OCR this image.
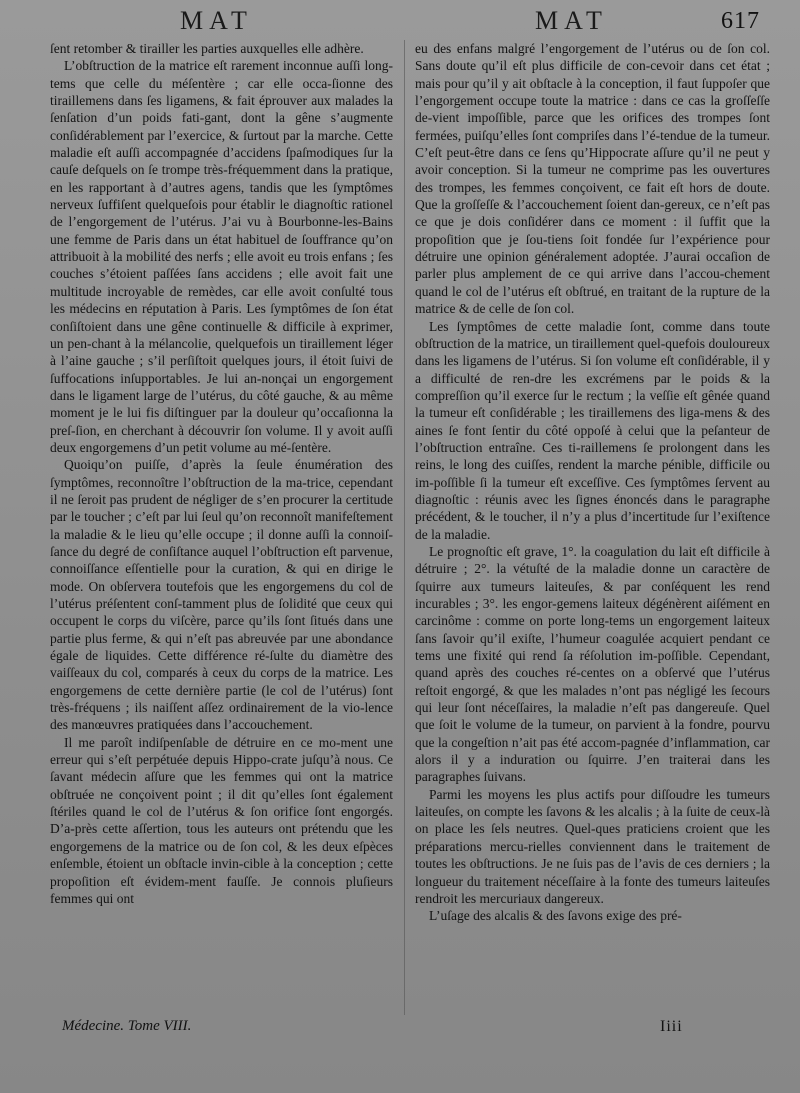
MAT	MAT	617

ſent retomber & tirailler les parties auxquelles elle adhère.

L’obſtruction de la matrice eſt rarement inconnue auſſi long-tems que celle du méſentère ; car elle occa-ſionne des tiraillemens dans ſes ligamens, & fait éprouver aux malades la ſenſation d’un poids fati-gant, dont la gêne s’augmente conſidérablement par l’exercice, & ſurtout par la marche. Cette maladie eſt auſſi accompagnée d’accidens ſpaſmodiques ſur la cauſe deſquels on ſe trompe très-fréquemment dans la pratique, en les rapportant à d’autres agens, tandis que les ſymptômes nerveux ſuffiſent quelqueſois pour établir le diagnoſtic rationel de l’engorgement de l’utérus. J’ai vu à Bourbonne-les-Bains une femme de Paris dans un état habituel de ſouffrance qu’on attribuoit à la mobilité des nerfs ; elle avoit eu trois enfans ; ſes couches s’étoient paſſées ſans accidens ; elle avoit fait une multitude incroyable de remèdes, car elle avoit conſulté tous les médecins en réputation à Paris. Les ſymptômes de ſon état conſiſtoient dans une gêne continuelle & difficile à exprimer, un pen-chant à la mélancolie, quelquefois un tiraillement léger à l’aine gauche ; s’il perſiſtoit quelques jours, il étoit ſuivi de ſuffocations inſupportables. Je lui an-nonçai un engorgement dans le ligament large de l’utérus, du côté gauche, & au même moment je le lui fis diſtinguer par la douleur qu’occaſionna la preſ-ſion, en cherchant à découvrir ſon volume. Il y avoit auſſi deux engorgemens d’un petit volume au mé-ſentère.

Quoiqu’on puiſſe, d’après la ſeule énumération des ſymptômes, reconnoître l’obſtruction de la ma-trice, cependant il ne ſeroit pas prudent de négliger de s’en procurer la certitude par le toucher ; c’eſt par lui ſeul qu’on reconnoît manifeſtement la maladie & le lieu qu’elle occupe ; il donne auſſi la connoiſ-ſance du degré de conſiſtance auquel l’obſtruction eſt parvenue, connoiſſance eſſentielle pour la curation, & qui en dirige le mode. On obſervera toutefois que les engorgemens du col de l’utérus préſentent conſ-tamment plus de ſolidité que ceux qui occupent le corps du viſcère, parce qu’ils ſont ſitués dans une partie plus ferme, & qui n’eſt pas abreuvée par une abondance égale de liquides. Cette différence ré-ſulte du diamètre des vaiſſeaux du col, comparés à ceux du corps de la matrice. Les engorgemens de cette dernière partie (le col de l’utérus) ſont très-fréquens ; ils naiſſent aſſez ordinairement de la vio-lence des manœuvres pratiquées dans l’accouchement.

Il me paroît indiſpenſable de détruire en ce mo-ment une erreur qui s’eſt perpétuée depuis Hippo-crate juſqu’à nous. Ce ſavant médecin aſſure que les femmes qui ont la matrice obſtruée ne conçoivent point ; il dit qu’elles ſont également ſtériles quand le col de l’utérus & ſon orifice ſont engorgés. D’a-près cette aſſertion, tous les auteurs ont prétendu que les engorgemens de la matrice ou de ſon col, & les deux eſpèces enſemble, étoient un obſtacle invin-cible à la conception ; cette propoſition eſt évidem-ment fauſſe. Je connois pluſieurs femmes qui ont

eu des enfans malgré l’engorgement de l’utérus ou de ſon col. Sans doute qu’il eſt plus difficile de con-cevoir dans cet état ; mais pour qu’il y ait obſtacle à la conception, il faut ſuppoſer que l’engorgement occupe toute la matrice : dans ce cas la groſſeſſe de-vient impoſſible, parce que les orifices des trompes ſont fermées, puiſqu’elles ſont compriſes dans l’é-tendue de la tumeur. C’eſt peut-être dans ce ſens qu’Hippocrate aſſure qu’il ne peut y avoir conception. Si la tumeur ne comprime pas les ouvertures des trompes, les femmes conçoivent, ce fait eſt hors de doute. Que la groſſeſſe & l’accouchement ſoient dan-gereux, ce n’eſt pas ce que je dois conſidérer dans ce moment : il ſuffit que la propoſition que je ſou-tiens ſoit fondée ſur l’expérience pour détruire une opinion généralement adoptée. J’aurai occaſion de parler plus amplement de ce qui arrive dans l’accou-chement quand le col de l’utérus eſt obſtrué, en traitant de la rupture de la matrice & de celle de ſon col.

Les ſymptômes de cette maladie ſont, comme dans toute obſtruction de la matrice, un tiraillement quel-quefois douloureux dans les ligamens de l’utérus. Si ſon volume eſt conſidérable, il y a difficulté de ren-dre les excrémens par le poids & la compreſſion qu’il exerce ſur le rectum ; la veſſie eſt gênée quand la tumeur eſt conſidérable ; les tiraillemens des liga-mens & des aines ſe font ſentir du côté oppoſé à celui que la peſanteur de l’obſtruction entraîne. Ces ti-raillemens ſe prolongent dans les reins, le long des cuiſſes, rendent la marche pénible, difficile ou im-poſſible ſi la tumeur eſt exceſſive. Ces ſymptômes ſervent au diagnoſtic : réunis avec les ſignes énoncés dans le paragraphe précédent, & le toucher, il n’y a plus d’incertitude ſur l’exiſtence de la maladie.

Le prognoſtic eſt grave, 1°. la coagulation du lait eſt difficile à détruire ; 2°. la vétuſté de la maladie donne un caractère de ſquirre aux tumeurs laiteuſes, & par conſéquent les rend incurables ; 3°. les engor-gemens laiteux dégénèrent aiſément en carcinôme : comme on porte long-tems un engorgement laiteux ſans ſavoir qu’il exiſte, l’humeur coagulée acquiert pendant ce tems une fixité qui rend ſa réſolution im-poſſible. Cependant, quand après des couches ré-centes on a obſervé que l’utérus reſtoit engorgé, & que les malades n’ont pas négligé les ſecours qui leur ſont néceſſaires, la maladie n’eſt pas dangereuſe. Quel que ſoit le volume de la tumeur, on parvient à la fondre, pourvu que la congeſtion n’ait pas été accom-pagnée d’inflammation, car alors il y a induration ou ſquirre. J’en traiterai dans les paragraphes ſuivans.

Parmi les moyens les plus actifs pour diſſoudre les tumeurs laiteuſes, on compte les ſavons & les alcalis ; à la ſuite de ceux-là on place les ſels neutres. Quel-ques praticiens croient que les préparations mercu-rielles conviennent dans le traitement de toutes les obſtructions. Je ne ſuis pas de l’avis de ces derniers ; la longueur du traitement néceſſaire à la fonte des tumeurs laiteuſes rendroit les mercuriaux dangereux.

L’uſage des alcalis & des ſavons exige des pré-

Médecine. Tome VIII.	Iiii
